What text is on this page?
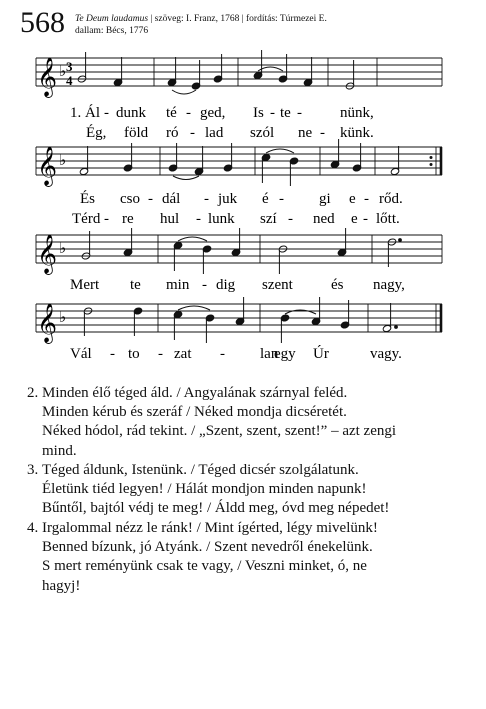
568 Te Deum laudamus | szöveg: I. Franz, 1768 | fordítás: Túrmezei E.
dallam: Bécs, 1776
𝄞 ♭ 3
4
1. Ál - dunk té - ged, Is - te -	nünk,
Ég, föld ró - lad szól ne - künk.
𝄞 ♭
És cso - dál - juk é - gi e - rőd.
Térd - re hul - lunk szí - ned e - lőtt.
𝄞 ♭
Mert te min - dig szent	és nagy,
𝄞 ♭
Vál - to - zat - lan
egy Úr	vagy.
2. Minden élő téged áld. / Angyalának szárnyal feléd.
Minden kérub és szeráf / Néked mondja dicséretét.
Néked hódol, rád tekint. / „Szent, szent, szent!” – azt zengi
mind.
3. Téged áldunk, Istenünk. / Téged dicsér szolgálatunk.
Életünk tiéd legyen! / Hálát mondjon minden napunk!
Bűntől, bajtól védj te meg! / Áldd meg, óvd meg népedet!
4. Irgalommal nézz le ránk! / Mint ígérted, légy mivelünk!
Benned bízunk, jó Atyánk. / Szent nevedről énekelünk.
S mert reményünk csak te vagy, / Veszni minket, ó, ne
hagyj!
